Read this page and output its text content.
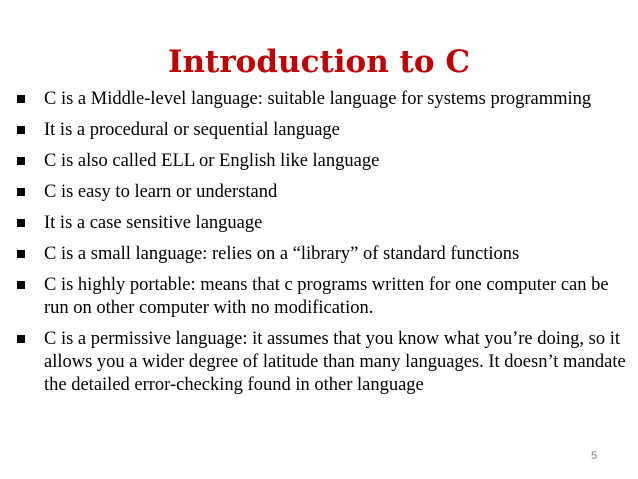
Introduction to C
C is a Middle-level language: suitable language for systems programming
It is a procedural or sequential language
C is also called ELL or English like language
C is easy to learn or understand
It is a case sensitive language
C is a small language: relies on a “library” of standard functions
C is highly portable: means that c programs written for one computer can be run on other computer with no modification.
C is a permissive language: it assumes that you know what you’re doing, so it allows you a wider degree of latitude than many languages. It doesn’t mandate the detailed error-checking found in other language
5
